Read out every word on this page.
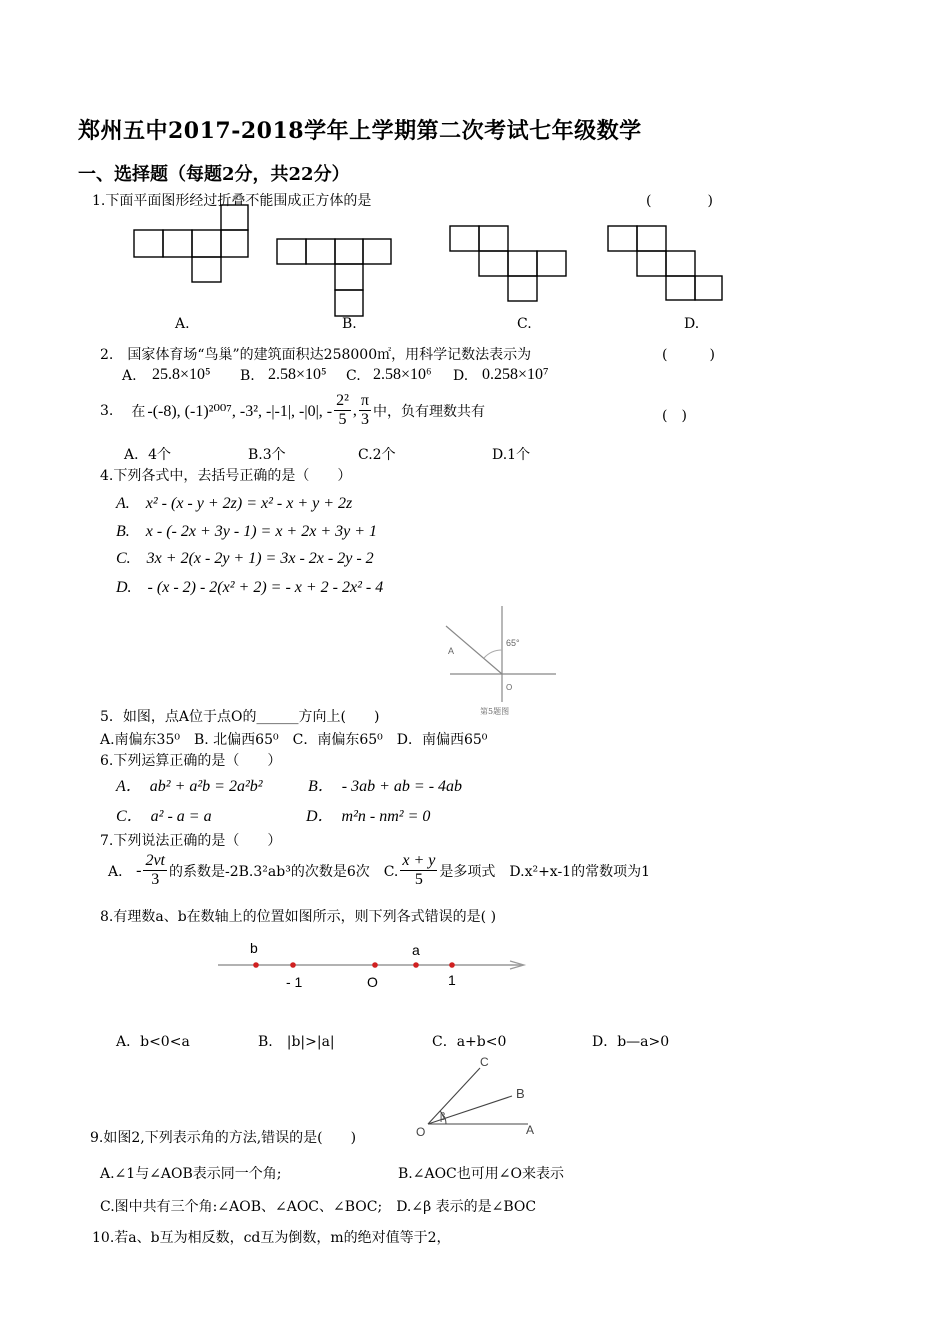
郑州五中2017-2018学年上学期第二次考试七年级数学
一、选择题（每题2分，共22分）
1.下面平面图形经过折叠不能围成正方体的是	(　　　　)
A.	B.	C.	D.
2.　国家体育场“鸟巢”的建筑面积达258000㎡，用科学记数法表示为	(　　　)
A. 25.8×10⁵ B. 2.58×10⁵ C. 2.58×10⁶ D. 0.258×10⁷
3. 在 -(-8), (-1)²⁰⁰⁷, -3², -|-1|, -|0|, - $\frac{\text{2²}}{5}$ , $\frac{\pi}{3}$ 中，负有理数共有	(　)
A．4个	B.3个	C.2个	D.1个
4.下列各式中，去括号正确的是（　　）
A.　x² - (x - y + 2z) = x² - x + y + 2z
B.　x - (- 2x + 3y - 1) = x + 2x + 3y + 1
C.　3x + 2(x - 2y + 1) = 3x - 2x - 2y - 2
D.　- (x - 2) - 2(x² + 2) = - x + 2 - 2x² - 4
65°
A
O
第5题图
5．如图，点A位于点O的______方向上(　　)
A.南偏东35⁰　B. 北偏西65⁰　C．南偏东65⁰　D．南偏西65⁰
6.下列运算正确的是（　　）
A．　ab² + a²b = 2a²b²	B．　- 3ab + ab = - 4ab
C．　a² - a = a	D．　m²n - nm² = 0
7.下列说法正确的是（　　）
A． - $\frac{2vt}{3}$ 的系数是-2B.3²ab³的次数是6次　C. $\frac{x + y}{5}$ 是多项式　D.x²+x-1的常数项为1
8.有理数a、b在数轴上的位置如图所示，则下列各式错误的是( )
b	a
- 1	O	1
A．b<0<a	B.　|b|>|a|	C．a+b<0	D．b—a>0
C
B
A
O
β
9.如图2,下列表示角的方法,错误的是(　　)
A.∠1与∠AOB表示同一个角;	B.∠AOC也可用∠O来表示
C.图中共有三个角:∠AOB、∠AOC、∠BOC;　D.∠β 表示的是∠BOC
10.若a、b互为相反数，cd互为倒数，m的绝对值等于2，
